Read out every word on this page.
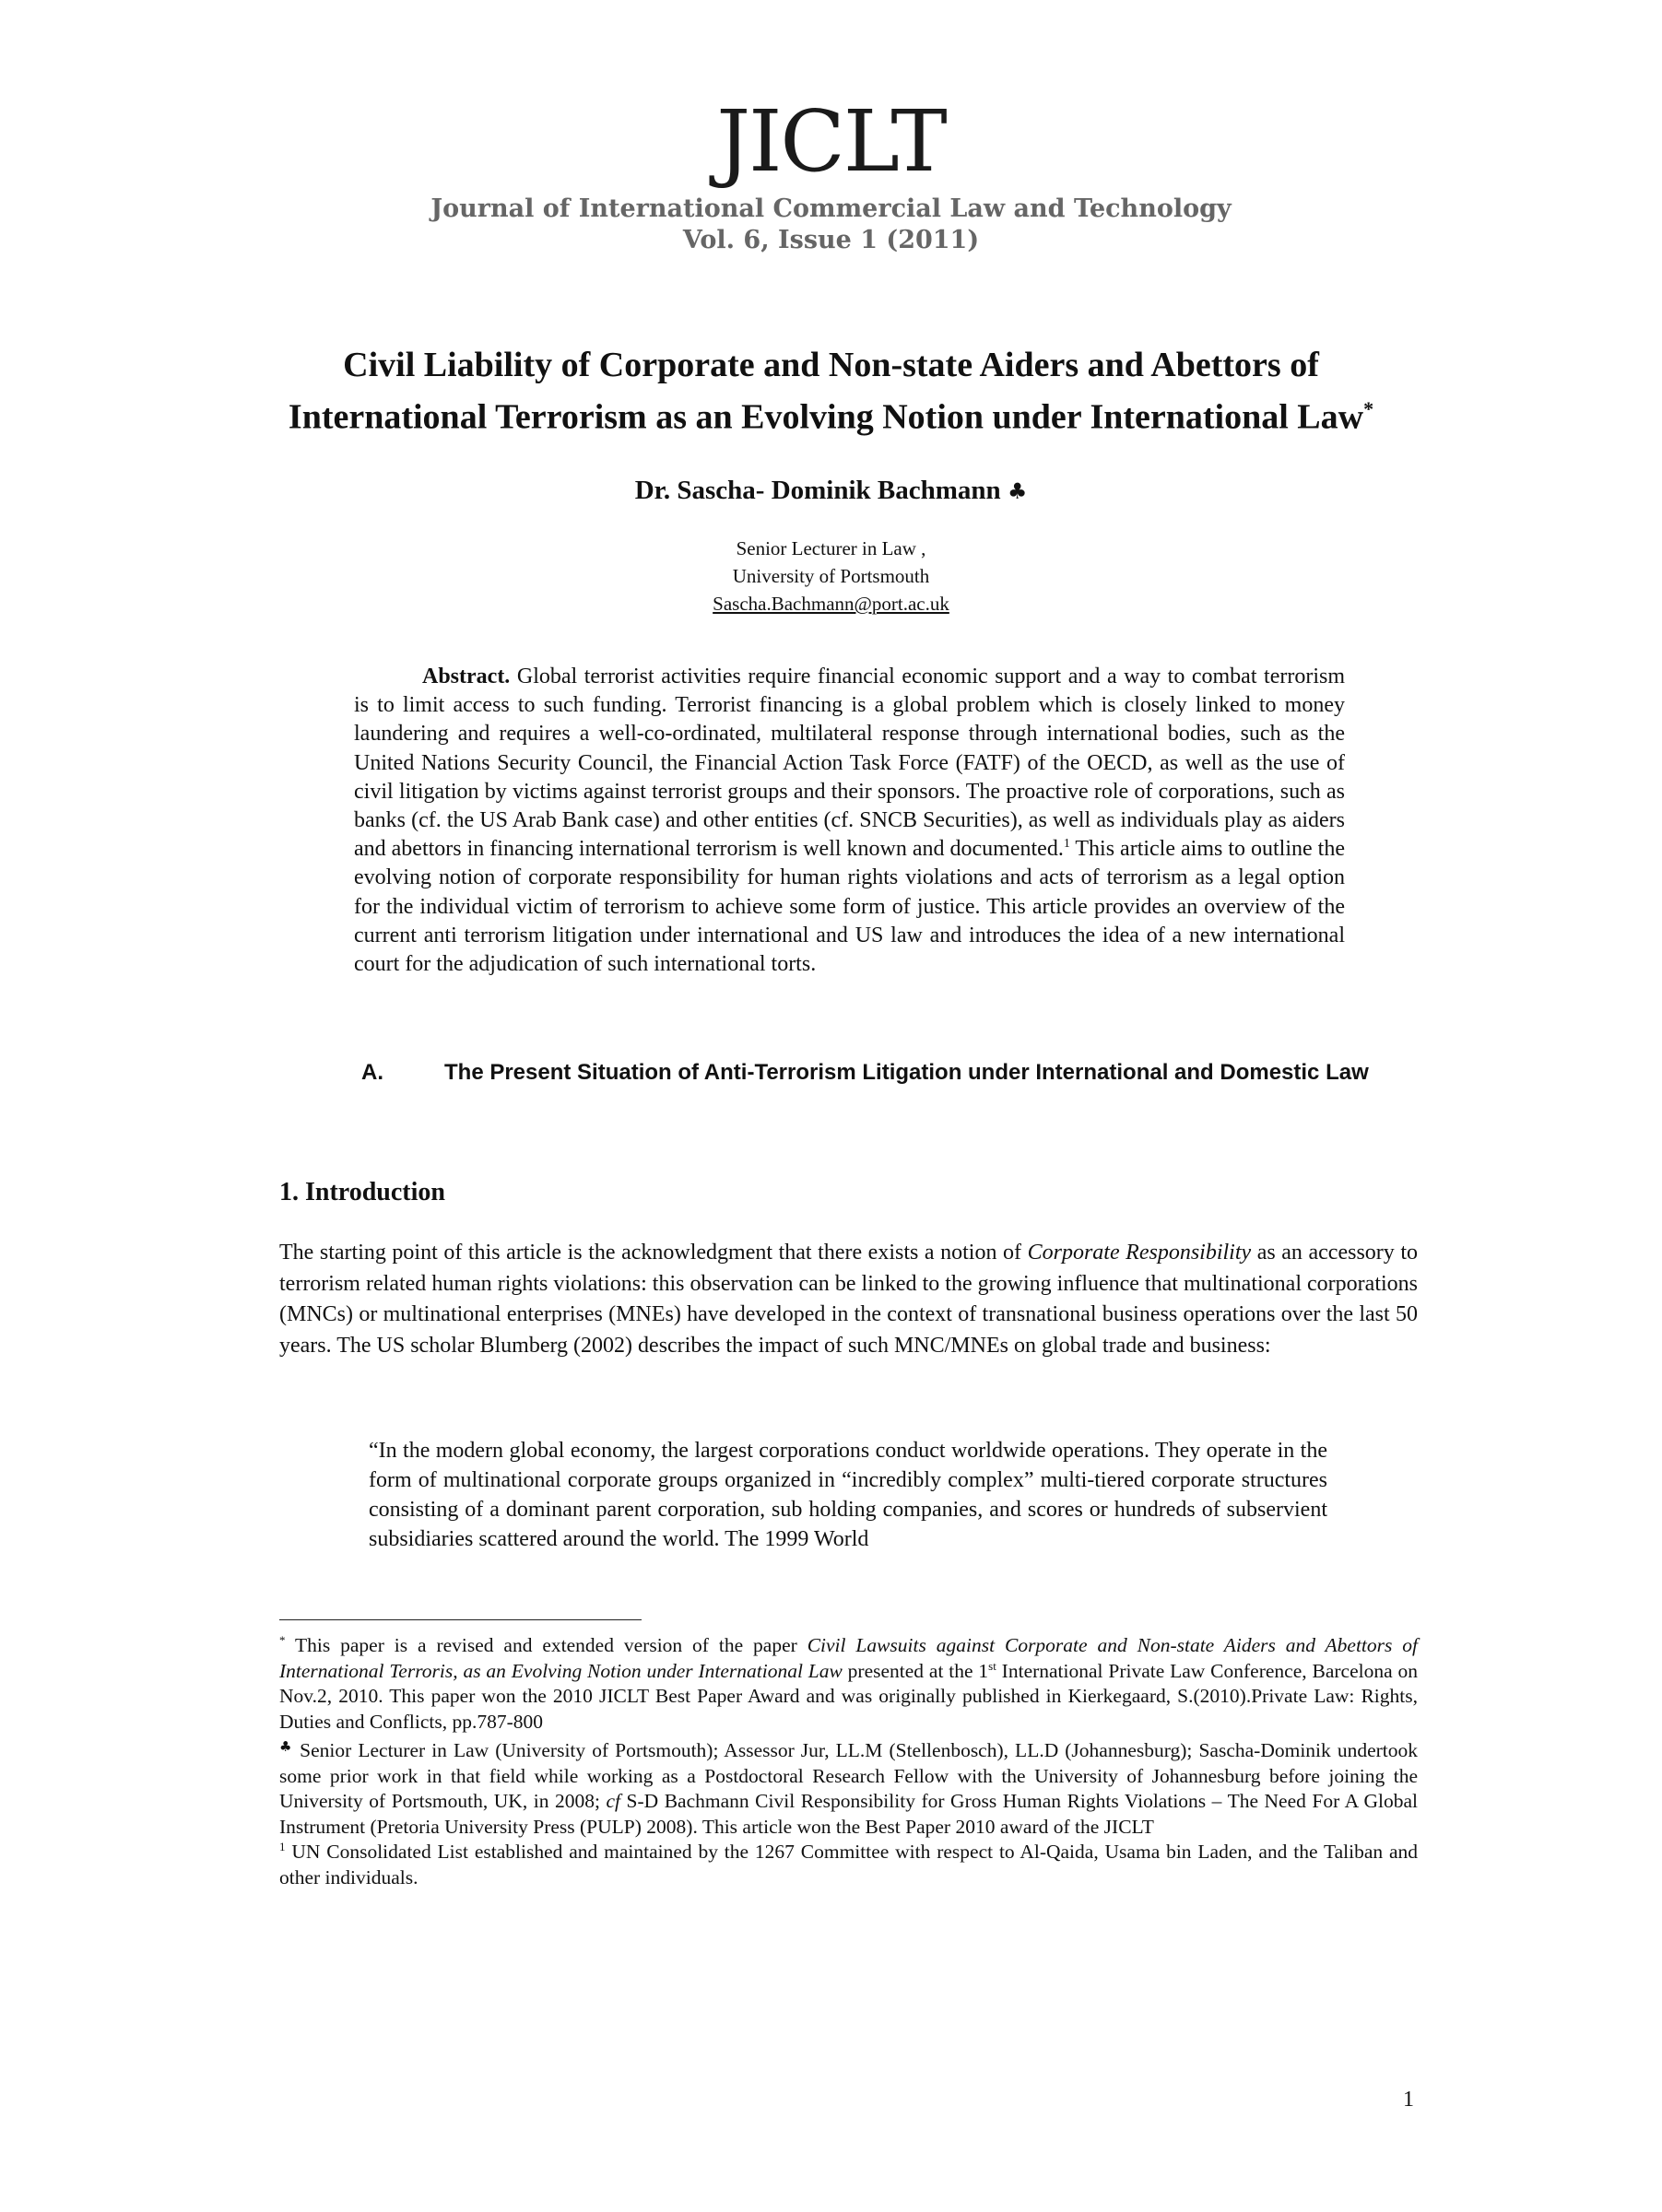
JICLT
Journal of International Commercial Law and Technology
Vol. 6, Issue 1 (2011)
Civil Liability of Corporate and Non-state Aiders and Abettors of
International Terrorism as an Evolving Notion under International Law*
Dr. Sascha- Dominik Bachmann ♣
Senior Lecturer in Law ,
University of Portsmouth
Sascha.Bachmann@port.ac.uk
Abstract. Global terrorist activities require financial economic support and a way to combat terrorism is to limit access to such funding. Terrorist financing is a global problem which is closely linked to money laundering and requires a well-co-ordinated, multilateral response through international bodies, such as the United Nations Security Council, the Financial Action Task Force (FATF) of the OECD, as well as the use of civil litigation by victims against terrorist groups and their sponsors. The proactive role of corporations, such as banks (cf. the US Arab Bank case) and other entities (cf. SNCB Securities), as well as individuals play as aiders and abettors in financing international terrorism is well known and documented.$^1$ This article aims to outline the evolving notion of corporate responsibility for human rights violations and acts of terrorism as a legal option for the individual victim of terrorism to achieve some form of justice. This article provides an overview of the current anti terrorism litigation under international and US law and introduces the idea of a new international court for the adjudication of such international torts.
A.	The Present Situation of Anti-Terrorism Litigation under International and Domestic Law
1. Introduction
The starting point of this article is the acknowledgment that there exists a notion of Corporate Responsibility as an accessory to terrorism related human rights violations: this observation can be linked to the growing influence that multinational corporations (MNCs) or multinational enterprises (MNEs) have developed in the context of transnational business operations over the last 50 years. The US scholar Blumberg (2002) describes the impact of such MNC/MNEs on global trade and business:
“In the modern global economy, the largest corporations conduct worldwide operations. They operate in the form of multinational corporate groups organized in “incredibly complex” multi-tiered corporate structures consisting of a dominant parent corporation, sub holding companies, and scores or hundreds of subservient subsidiaries scattered around the world. The 1999 World

* This paper is a revised and extended version of the paper Civil Lawsuits against Corporate and Non-state Aiders and Abettors of International Terroris, as an Evolving Notion under International Law presented at the 1st International Private Law Conference, Barcelona on Nov.2, 2010. This paper won the 2010 JICLT Best Paper Award and was originally published in Kierkegaard, S.(2010).Private Law: Rights, Duties and Conflicts, pp.787-800

♣ Senior Lecturer in Law (University of Portsmouth); Assessor Jur, LL.M (Stellenbosch), LL.D (Johannesburg); Sascha-Dominik undertook some prior work in that field while working as a Postdoctoral Research Fellow with the University of Johannesburg before joining the University of Portsmouth, UK, in 2008; cf S-D Bachmann Civil Responsibility for Gross Human Rights Violations – The Need For A Global Instrument (Pretoria University Press (PULP) 2008). This article won the Best Paper 2010 award of the JICLT

$^1$ UN Consolidated List established and maintained by the 1267 Committee with respect to Al-Qaida, Usama bin Laden, and the Taliban and other individuals.

1
